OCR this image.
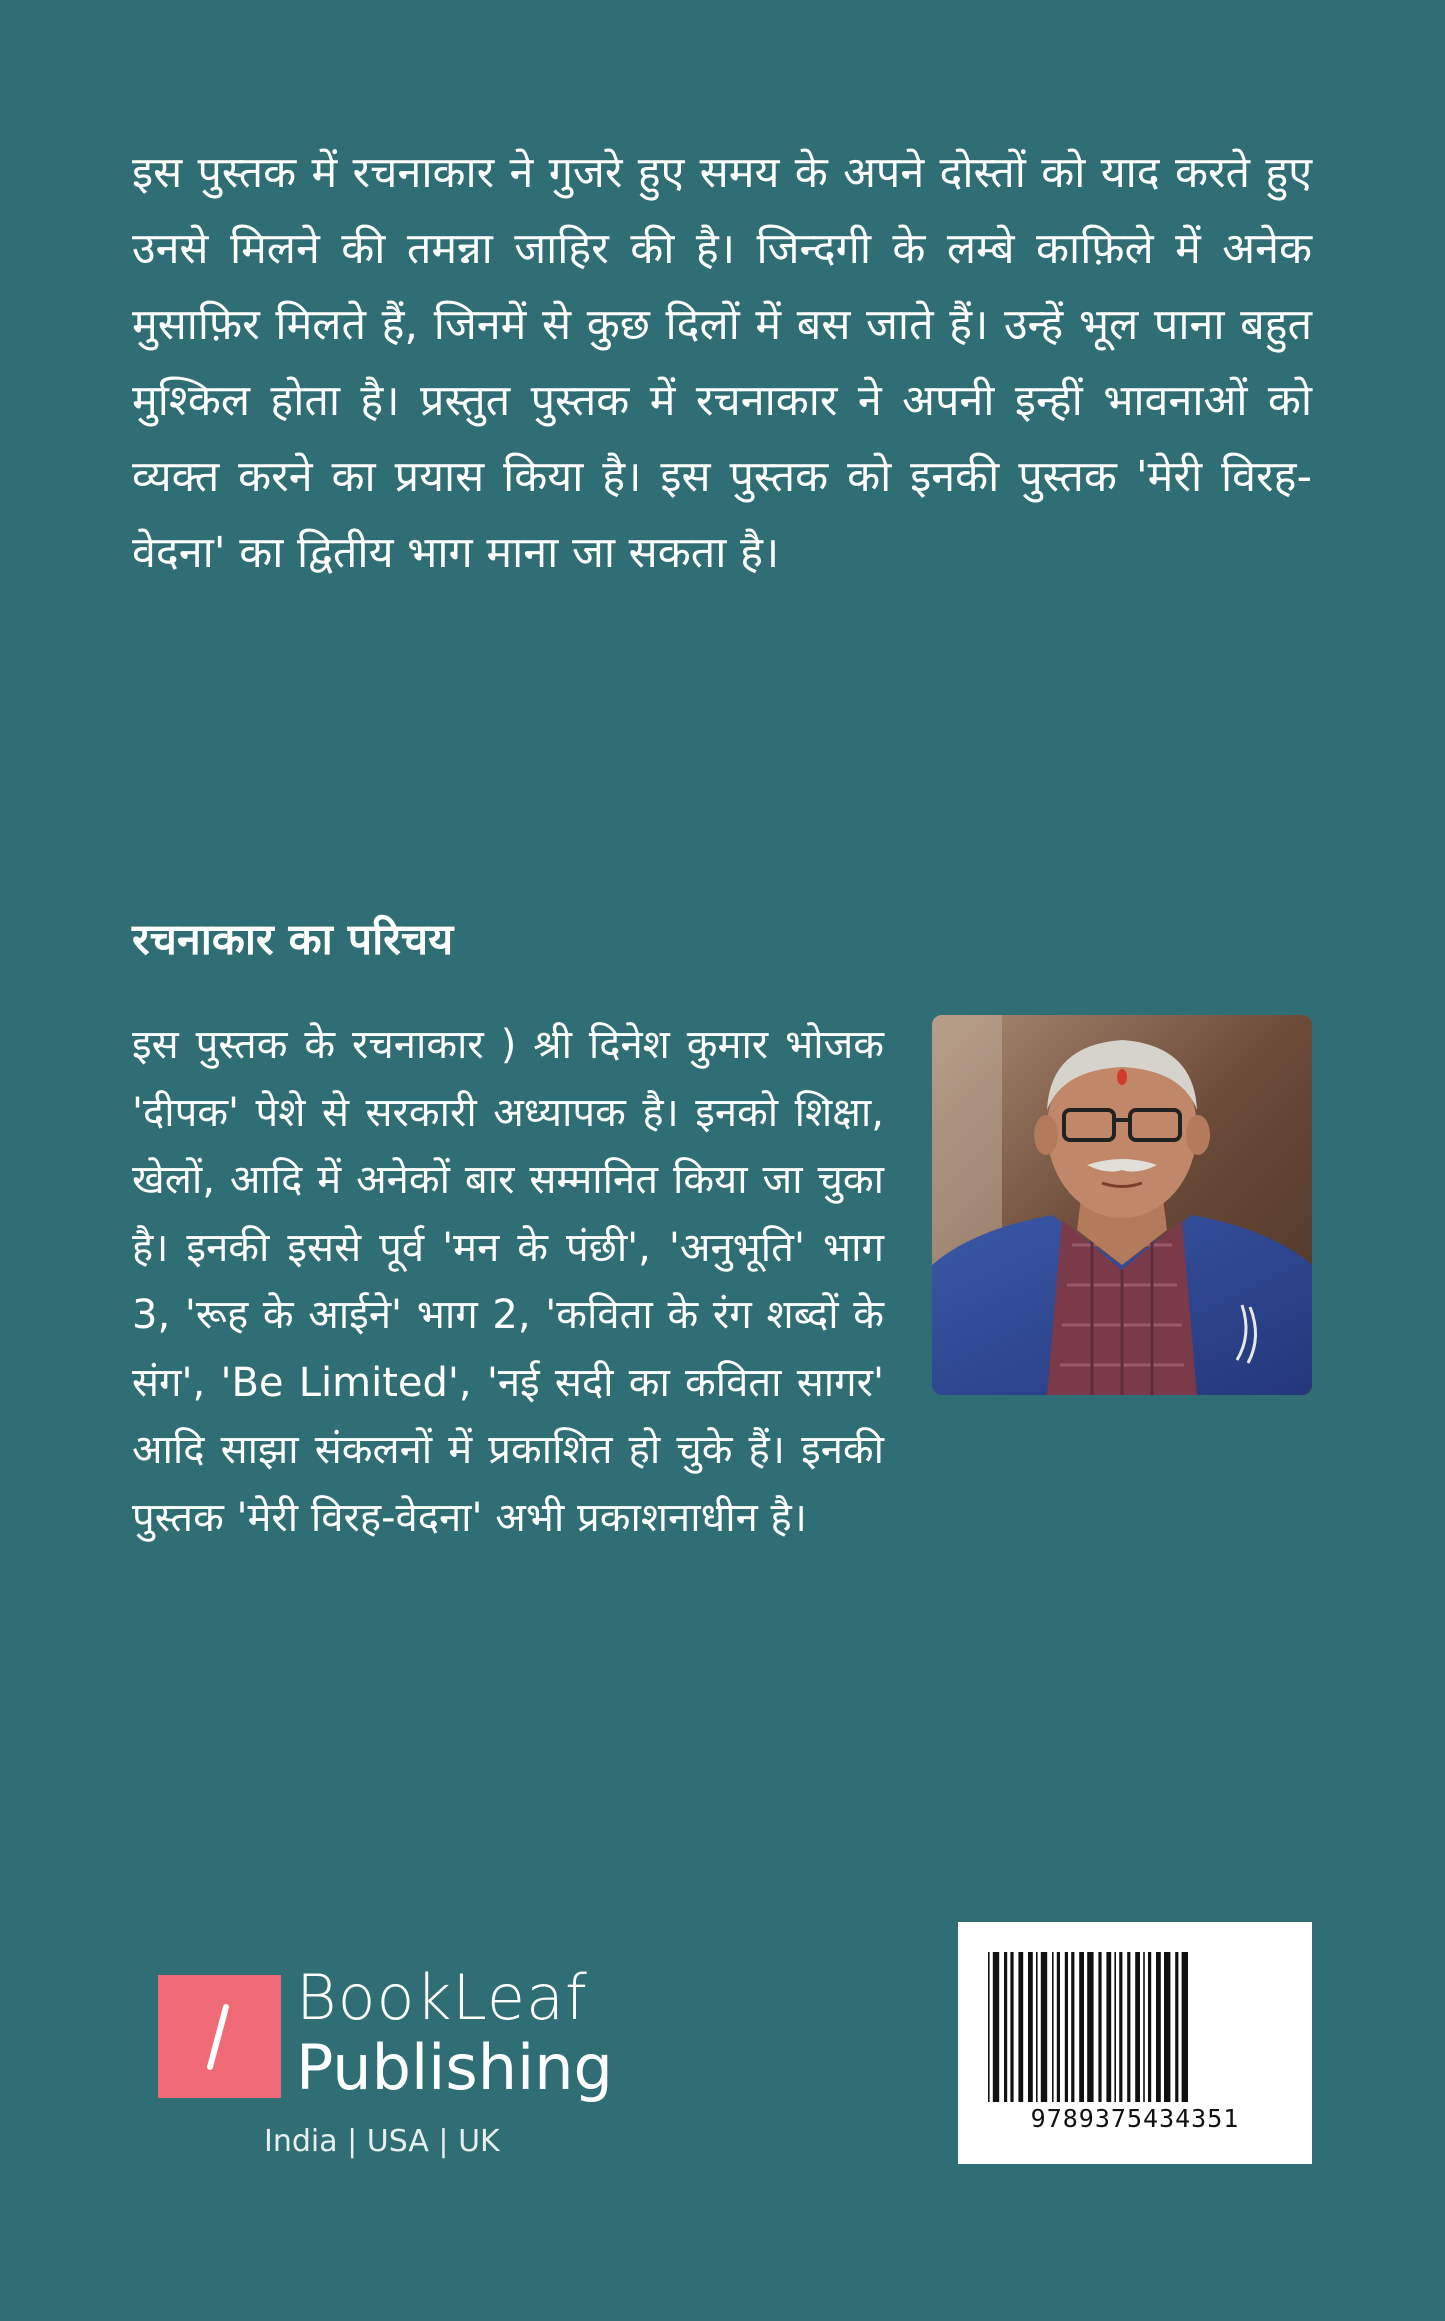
इस पुस्तक में रचनाकार ने गुजरे हुए समय के अपने दोस्तों को याद करते हुए उनसे मिलने की तमन्ना जाहिर की है। जिन्दगी के लम्बे काफ़िले में अनेक मुसाफ़िर मिलते हैं, जिनमें से कुछ दिलों में बस जाते हैं। उन्हें भूल पाना बहुत मुश्किल होता है। प्रस्तुत पुस्तक में रचनाकार ने अपनी इन्हीं भावनाओं को व्यक्त करने का प्रयास किया है। इस पुस्तक को इनकी पुस्तक 'मेरी विरह-वेदना' का द्वितीय भाग माना जा सकता है।

रचनाकार का परिचय

इस पुस्तक के रचनाकार ) श्री दिनेश कुमार भोजक 'दीपक' पेशे से सरकारी अध्यापक है। इनको शिक्षा, खेलों, आदि में अनेकों बार सम्मानित किया जा चुका है। इनकी इससे पूर्व 'मन के पंछी', 'अनुभूति' भाग 3, 'रूह के आईने' भाग 2, 'कविता के रंग शब्दों के संग', 'Be Limited', 'नई सदी का कविता सागर' आदि साझा संकलनों में प्रकाशित हो चुके हैं। इनकी पुस्तक 'मेरी विरह-वेदना' अभी प्रकाशनाधीन है।

BookLeaf
Publishing
India | USA | UK
9789375434351
